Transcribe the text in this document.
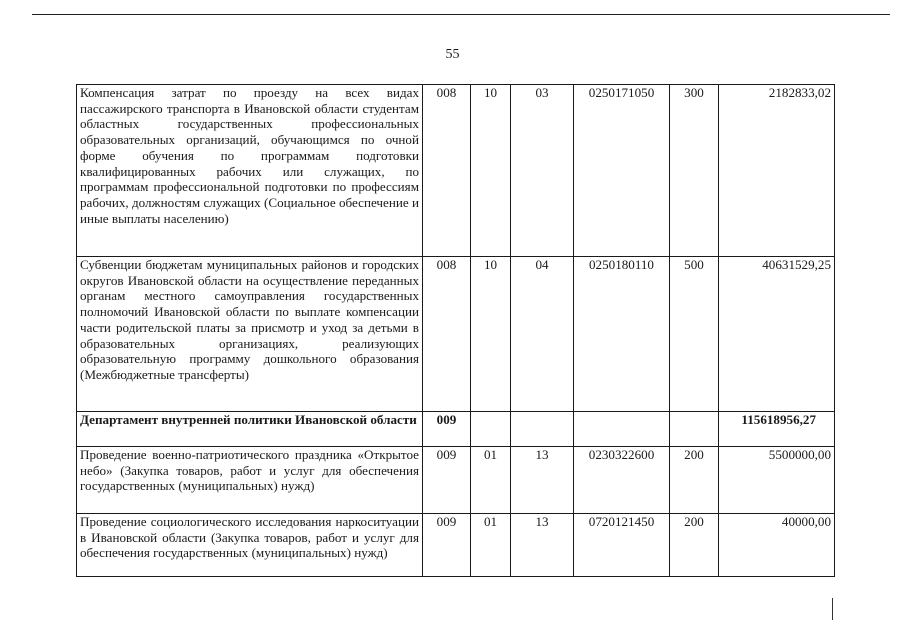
55
Компенсация затрат по проезду на всех видах пассажирского транспорта в Ивановской области студентам областных государственных профессиональных образовательных организаций, обучающимся по очной форме обучения по программам подготовки квалифицированных рабочих или служащих, по программам профессиональной подготовки по профессиям рабочих, должностям служащих (Социальное обеспечение и иные выплаты населению)	008	10	03	0250171050	300	2182833,02
Субвенции бюджетам муниципальных районов и городских округов Ивановской области на осуществление переданных органам местного самоуправления государственных полномочий Ивановской области по выплате компенсации части родительской платы за присмотр и уход за детьми в образовательных организациях, реализующих образовательную программу дошкольного образования (Межбюджетные трансферты)	008	10	04	0250180110	500	40631529,25
Департамент внутренней политики Ивановской области	009					115618956,27
Проведение военно-патриотического праздника «Открытое небо» (Закупка товаров, работ и услуг для обеспечения государственных (муниципальных) нужд)	009	01	13	0230322600	200	5500000,00
Проведение социологического исследования наркоситуации в Ивановской области (Закупка товаров, работ и услуг для обеспечения государственных (муниципальных) нужд)	009	01	13	0720121450	200	40000,00
